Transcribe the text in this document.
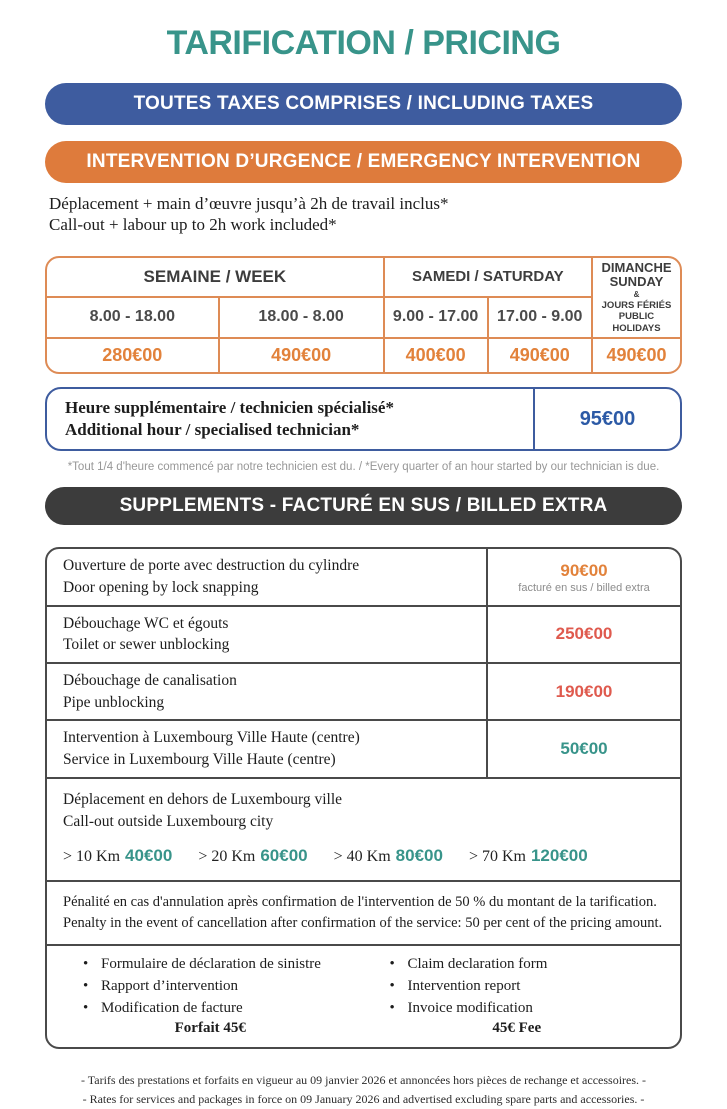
TARIFICATION / PRICING
TOUTES TAXES COMPRISES / INCLUDING TAXES
INTERVENTION D’URGENCE / EMERGENCY INTERVENTION
Déplacement + main d’œuvre jusqu’à 2h de travail inclus*
Call-out + labour up to 2h work included*
SEMAINE / WEEK		SAMEDI / SATURDAY		DIMANCHE
SUNDAY
&
JOURS FÉRIÉS
PUBLIC HOLIDAYS

8.00 - 18.00	18.00 - 8.00	9.00 - 17.00	17.00 - 9.00	
280€00	490€00	400€00	490€00	490€00
Heure supplémentaire / technicien spécialisé*
Additional hour / specialised technician*	95€00
*Tout 1/4 d'heure commencé par notre technicien est du. / *Every quarter of an hour started by our technician is due.
SUPPLEMENTS - FACTURÉ EN SUS / BILLED EXTRA
Ouverture de porte avec destruction du cylindre
Door opening by lock snapping
90€00
facturé en sus / billed extra
Débouchage WC et égouts
Toilet or sewer unblocking
250€00
Débouchage de canalisation
Pipe unblocking
190€00
Intervention à Luxembourg Ville Haute (centre)
Service in Luxembourg Ville Haute (centre)
50€00
Déplacement en dehors de Luxembourg ville
Call-out outside Luxembourg city
> 10 Km 40€00 > 20 Km 60€00 > 40 Km 80€00 > 70 Km 120€00
Pénalité en cas d'annulation après confirmation de l'intervention de 50 % du montant de la tarification.
Penalty in the event of cancellation after confirmation of the service: 50 per cent of the pricing amount.
• Formulaire de déclaration de sinistre
• Rapport d’intervention
• Modification de facture
Forfait 45€
• Claim declaration form
• Intervention report
• Invoice modification
45€ Fee
- Tarifs des prestations et forfaits en vigueur au 09 janvier 2026 et annoncées hors pièces de rechange et accessoires. -
- Rates for services and packages in force on 09 January 2026 and advertised excluding spare parts and accessories. -
